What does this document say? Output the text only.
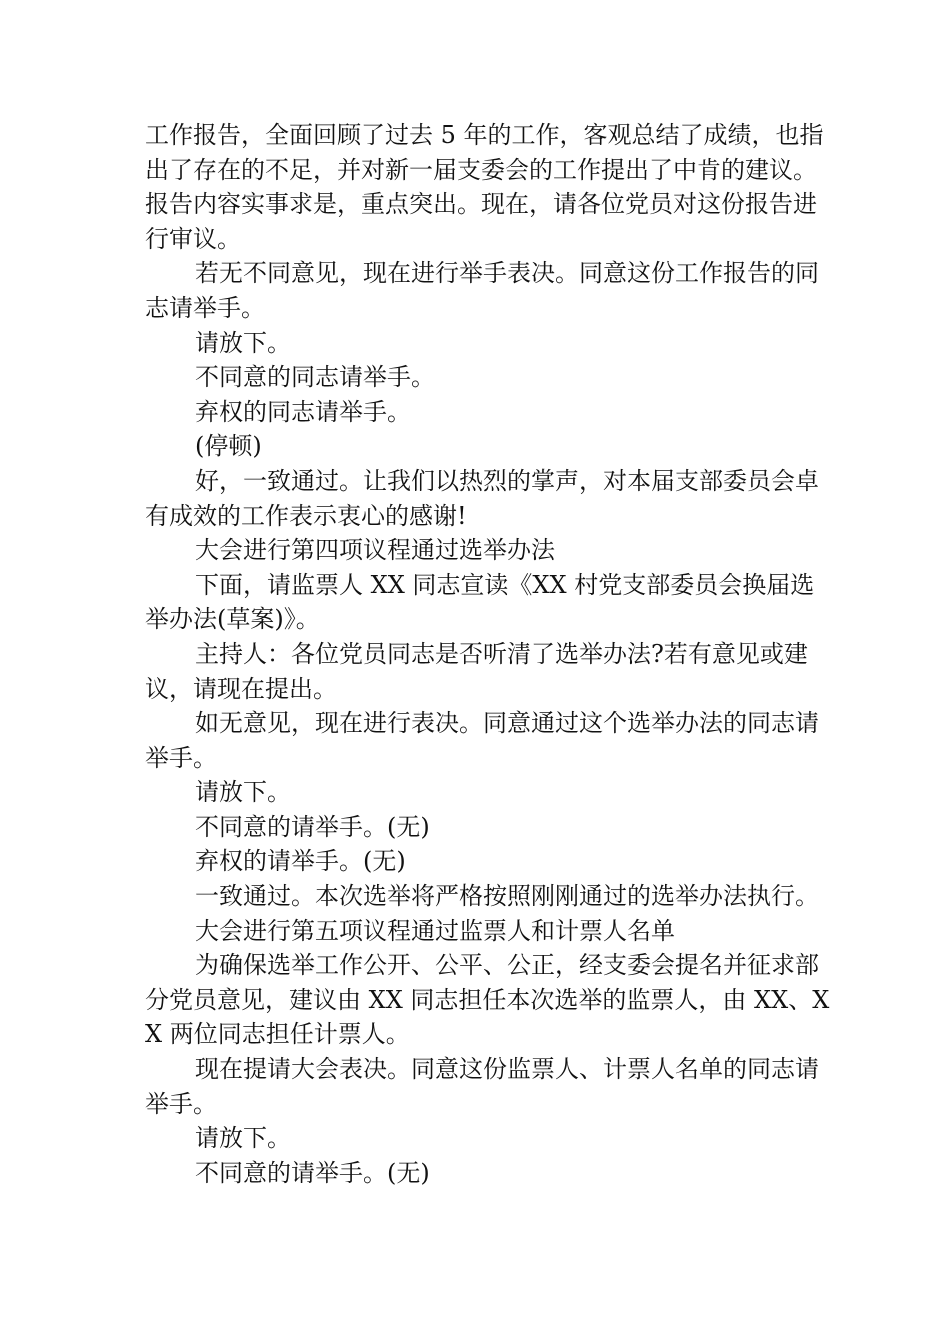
工作报告，全面回顾了过去 5 年的工作，客观总结了成绩，也指出了存在的不足，并对新一届支委会的工作提出了中肯的建议。报告内容实事求是，重点突出。现在，请各位党员对这份报告进行审议。

若无不同意见，现在进行举手表决。同意这份工作报告的同志请举手。

请放下。

不同意的同志请举手。

弃权的同志请举手。

(停顿)

好，一致通过。让我们以热烈的掌声，对本届支部委员会卓有成效的工作表示衷心的感谢!

大会进行第四项议程通过选举办法

下面，请监票人 XX 同志宣读《XX 村党支部委员会换届选举办法(草案)》。

主持人：各位党员同志是否听清了选举办法?若有意见或建议，请现在提出。

如无意见，现在进行表决。同意通过这个选举办法的同志请举手。

请放下。

不同意的请举手。(无)

弃权的请举手。(无)

一致通过。本次选举将严格按照刚刚通过的选举办法执行。

大会进行第五项议程通过监票人和计票人名单

为确保选举工作公开、公平、公正，经支委会提名并征求部分党员意见，建议由 XX 同志担任本次选举的监票人，由 XX、XX 两位同志担任计票人。

现在提请大会表决。同意这份监票人、计票人名单的同志请举手。

请放下。

不同意的请举手。(无)
